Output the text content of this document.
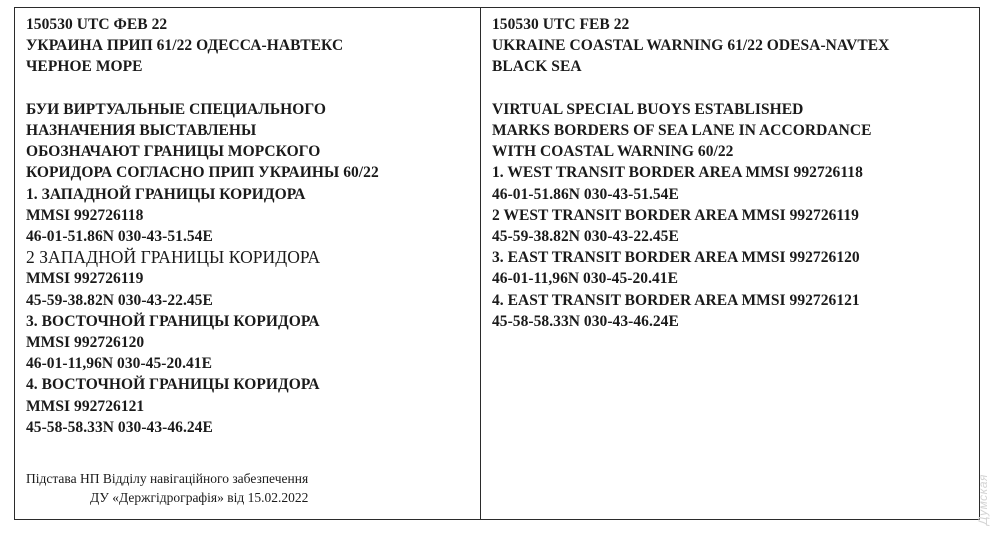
150530 UTC ФЕВ 22
УКРАИНА ПРИП 61/22 ОДЕССА-НАВТЕКС
ЧЕРНОЕ МОРЕ
БУИ ВИРТУАЛЬНЫЕ СПЕЦИАЛЬНОГО
НАЗНАЧЕНИЯ ВЫСТАВЛЕНЫ
ОБОЗНАЧАЮТ ГРАНИЦЫ МОРСКОГО
КОРИДОРА СОГЛАСНО ПРИП УКРАИНЫ 60/22
1. ЗАПАДНОЙ ГРАНИЦЫ КОРИДОРА
MMSI 992726118
46-01-51.86N 030-43-51.54E
2 ЗАПАДНОЙ ГРАНИЦЫ КОРИДОРА
MMSI 992726119
45-59-38.82N 030-43-22.45E
3. ВОСТОЧНОЙ ГРАНИЦЫ КОРИДОРА
MMSI 992726120
46-01-11,96N 030-45-20.41E
4. ВОСТОЧНОЙ ГРАНИЦЫ КОРИДОРА
MMSI 992726121
45-58-58.33N 030-43-46.24E
Підстава НП Відділу навігаційного забезпечення
ДУ «Держгідрографія» від 15.02.2022
150530 UTC FEB 22
UKRAINE COASTAL WARNING 61/22 ODESA-NAVTEX
BLACK SEA
VIRTUAL SPECIAL BUOYS ESTABLISHED
MARKS BORDERS OF SEA LANE IN ACCORDANCE
WITH COASTAL WARNING 60/22
1. WEST TRANSIT BORDER AREA MMSI 992726118
46-01-51.86N 030-43-51.54E
2 WEST TRANSIT BORDER AREA MMSI 992726119
45-59-38.82N 030-43-22.45E
3. EAST TRANSIT BORDER AREA MMSI 992726120
46-01-11,96N 030-45-20.41E
4. EAST TRANSIT BORDER AREA MMSI 992726121
45-58-58.33N 030-43-46.24E
Думская
